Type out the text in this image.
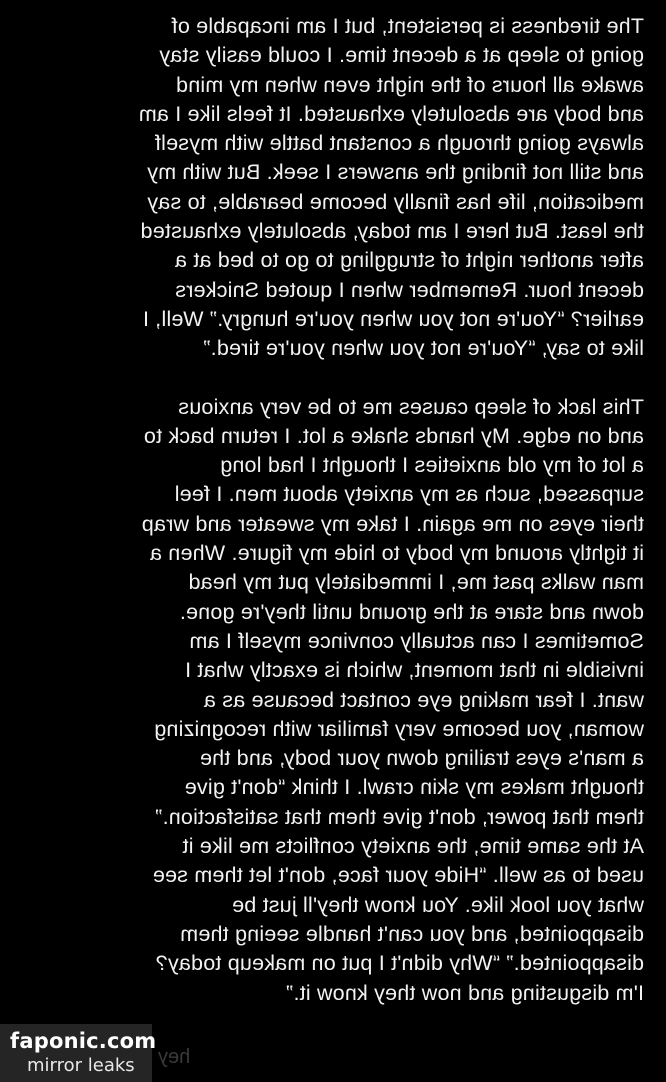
The tiredness is persistent, but I am incapable of
going to sleep at a decent time. I could easily stay
awake all hours of the night even when my mind
and body are absolutely exhausted. It feels like I am
always going through a constant battle with myself
and still not finding the answers I seek. But with my
medication, life has finally become bearable, to say
the least. But here I am today, absolutely exhausted
after another night of struggling to go to bed at a
decent hour. Remember when I quoted Snickers
earlier? “You're not you when you're hungry.” Well, I
like to say, “You're not you when you're tired.”

This lack of sleep causes me to be very anxious
and on edge. My hands shake a lot. I return back to
a lot of my old anxieties I thought I had long
surpassed, such as my anxiety about men. I feel
their eyes on me again. I take my sweater and wrap
it tightly around my body to hide my figure. When a
man walks past me, I immediately put my head
down and stare at the ground until they're gone.
Sometimes I can actually convince myself I am
invisible in that moment, which is exactly what I
want. I fear making eye contact because as a
woman, you become very familiar with recognizing
a man's eyes trailing down your body, and the
thought makes my skin crawl. I think “don't give
them that power, don't give them that satisfaction.”
At the same time, the anxiety conflicts me like it
used to as well. “Hide your face, don't let them see
what you look like. You know they'll just be
disappointed, and you can't handle seeing them
disappointed.” “Why didn't I put on makeup today?
I'm disgusting and now they know it.”

hey
faponic.com
mirror leaks
